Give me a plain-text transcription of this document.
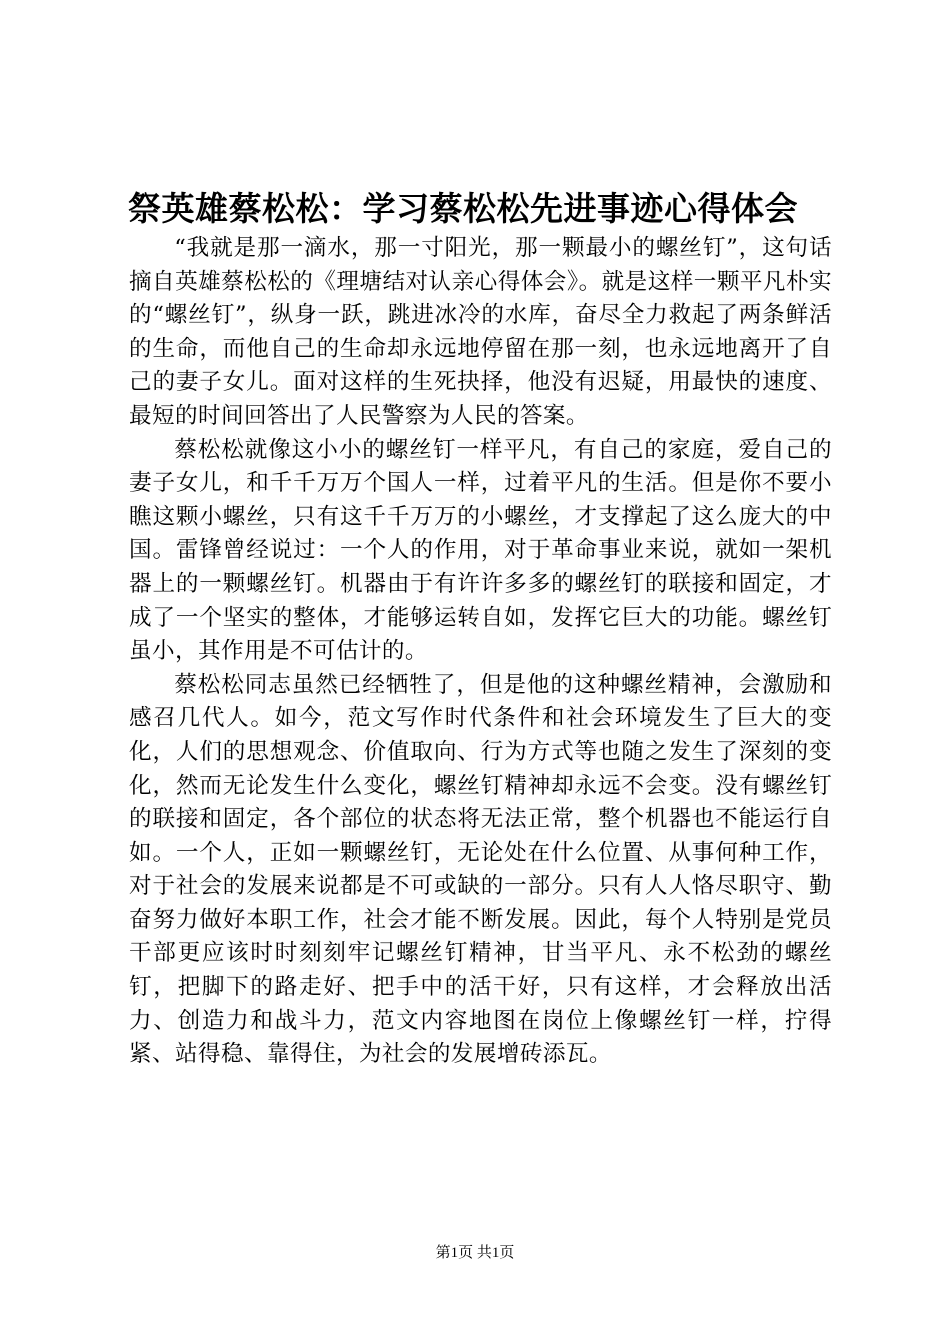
祭英雄蔡松松：学习蔡松松先进事迹心得体会

“我就是那一滴水，那一寸阳光，那一颗最小的螺丝钉”，这句话摘自英雄蔡松松的《理塘结对认亲心得体会》。就是这样一颗平凡朴实的“螺丝钉”，纵身一跃，跳进冰冷的水库，奋尽全力救起了两条鲜活的生命，而他自己的生命却永远地停留在那一刻，也永远地离开了自己的妻子女儿。面对这样的生死抉择，他没有迟疑，用最快的速度、最短的时间回答出了人民警察为人民的答案。

蔡松松就像这小小的螺丝钉一样平凡，有自己的家庭，爱自己的妻子女儿，和千千万万个国人一样，过着平凡的生活。但是你不要小瞧这颗小螺丝，只有这千千万万的小螺丝，才支撑起了这么庞大的中国。雷锋曾经说过：一个人的作用，对于革命事业来说，就如一架机器上的一颗螺丝钉。机器由于有许许多多的螺丝钉的联接和固定，才成了一个坚实的整体，才能够运转自如，发挥它巨大的功能。螺丝钉虽小，其作用是不可估计的。

蔡松松同志虽然已经牺牲了，但是他的这种螺丝精神，会激励和感召几代人。如今，范文写作时代条件和社会环境发生了巨大的变化，人们的思想观念、价值取向、行为方式等也随之发生了深刻的变化，然而无论发生什么变化，螺丝钉精神却永远不会变。没有螺丝钉的联接和固定，各个部位的状态将无法正常，整个机器也不能运行自如。一个人，正如一颗螺丝钉，无论处在什么位置、从事何种工作，对于社会的发展来说都是不可或缺的一部分。只有人人恪尽职守、勤奋努力做好本职工作，社会才能不断发展。因此，每个人特别是党员干部更应该时时刻刻牢记螺丝钉精神，甘当平凡、永不松劲的螺丝钉，把脚下的路走好、把手中的活干好，只有这样，才会释放出活力、创造力和战斗力，范文内容地图在岗位上像螺丝钉一样，拧得紧、站得稳、靠得住，为社会的发展增砖添瓦。

第1页 共1页
